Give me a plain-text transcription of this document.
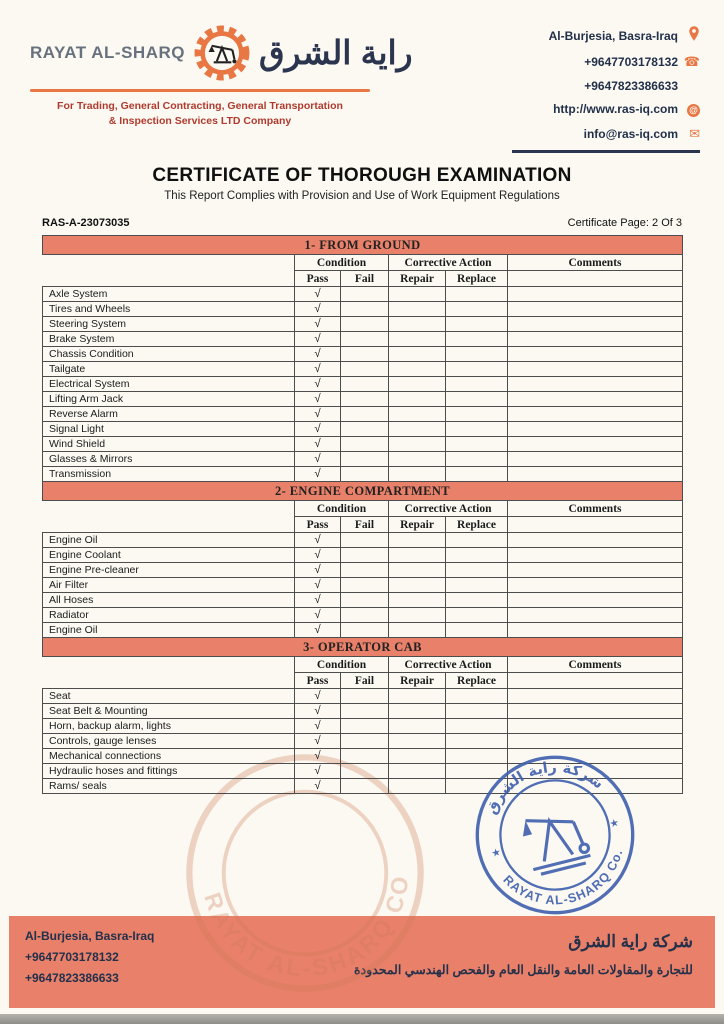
RAYAT AL-SHARQ CO
RAYAT AL-SHARQ راية الشرق
For Trading, General Contracting, General Transportation
& Inspection Services LTD Company
Al-Burjesia, Basra-Iraq
+9647703178132 ☎
+9647823386633
http://www.ras-iq.com	@
info@ras-iq.com ✉
CERTIFICATE OF THOROUGH EXAMINATION
This Report Complies with Provision and Use of Work Equipment Regulations
RAS-A-23073035	Certificate Page: 2 Of 3
1- FROM GROUND					
	Condition		Corrective Action		Comments
	Pass	Fail	Repair	Replace	
Axle System	√				
Tires and Wheels	√				
Steering System	√				
Brake System	√				
Chassis Condition	√				
Tailgate	√				
Electrical System	√				
Lifting Arm Jack	√				
Reverse Alarm	√				
Signal Light	√				
Wind Shield	√				
Glasses & Mirrors	√				
Transmission	√				
2- ENGINE COMPARTMENT					
	Condition		Corrective Action		Comments
	Pass	Fail	Repair	Replace	
Engine Oil	√				
Engine Coolant	√				
Engine Pre-cleaner	√				
Air Filter	√				
All Hoses	√				
Radiator	√				
Engine Oil	√				
3- OPERATOR CAB					
	Condition		Corrective Action		Comments
	Pass	Fail	Repair	Replace	
Seat	√				
Seat Belt & Mounting	√				
Horn, backup alarm, lights	√				
Controls, gauge lenses	√				
Mechanical connections	√				
Hydraulic hoses and fittings	√				
Rams/ seals	√				
شركة راية الشرق
RAYAT AL-SHARQ Co.
★
★
Al-Burjesia, Basra-Iraq
+9647703178132
+9647823386633
شركة راية الشرق
للتجارة والمقاولات العامة والنقل العام والفحص الهندسي المحدودة
